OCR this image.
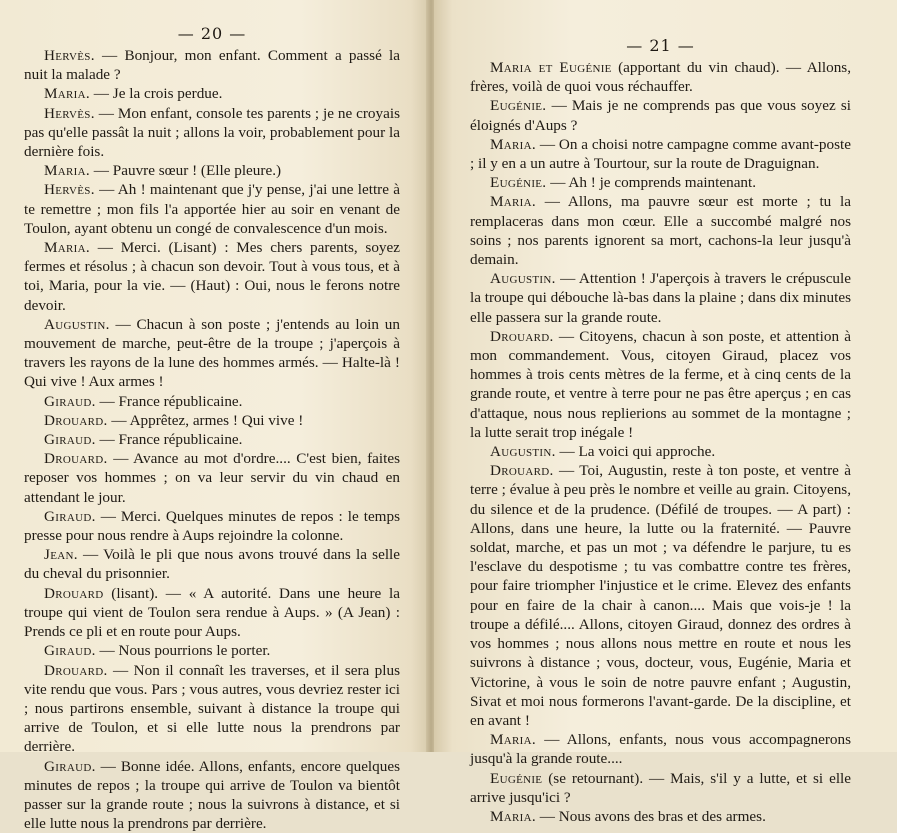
— 20 —

Hervès. — Bonjour, mon enfant. Comment a passé la nuit la malade ?

Maria. — Je la crois perdue.

Hervès. — Mon enfant, console tes parents ; je ne croyais pas qu'elle passât la nuit ; allons la voir, probablement pour la dernière fois.

Maria. — Pauvre sœur ! (Elle pleure.)

Hervès. — Ah ! maintenant que j'y pense, j'ai une lettre à te remettre ; mon fils l'a apportée hier au soir en venant de Toulon, ayant obtenu un congé de convalescence d'un mois.

Maria. — Merci. (Lisant) : Mes chers parents, soyez fermes et résolus ; à chacun son devoir. Tout à vous tous, et à toi, Maria, pour la vie. — (Haut) : Oui, nous le ferons notre devoir.

Augustin. — Chacun à son poste ; j'entends au loin un mouvement de marche, peut-être de la troupe ; j'aperçois à travers les rayons de la lune des hommes armés. — Halte-là ! Qui vive ! Aux armes !

Giraud. — France républicaine.

Drouard. — Apprêtez, armes ! Qui vive !

Giraud. — France républicaine.

Drouard. — Avance au mot d'ordre.... C'est bien, faites reposer vos hommes ; on va leur servir du vin chaud en attendant le jour.

Giraud. — Merci. Quelques minutes de repos : le temps presse pour nous rendre à Aups rejoindre la colonne.

Jean. — Voilà le pli que nous avons trouvé dans la selle du cheval du prisonnier.

Drouard (lisant). — « A autorité. Dans une heure la troupe qui vient de Toulon sera rendue à Aups. » (A Jean) : Prends ce pli et en route pour Aups.

Giraud. — Nous pourrions le porter.

Drouard. — Non il connaît les traverses, et il sera plus vite rendu que vous. Pars ; vous autres, vous devriez rester ici ; nous partirons ensemble, suivant à distance la troupe qui arrive de Toulon, et si elle lutte nous la prendrons par derrière.

Giraud. — Bonne idée. Allons, enfants, encore quelques minutes de repos ; la troupe qui arrive de Toulon va bientôt passer sur la grande route ; nous la suivrons à distance, et si elle lutte nous la prendrons par derrière.

— 21 —

Maria et Eugénie (apportant du vin chaud). — Allons, frères, voilà de quoi vous réchauffer.

Eugénie. — Mais je ne comprends pas que vous soyez si éloignés d'Aups ?

Maria. — On a choisi notre campagne comme avant-poste ; il y en a un autre à Tourtour, sur la route de Draguignan.

Eugénie. — Ah ! je comprends maintenant.

Maria. — Allons, ma pauvre sœur est morte ; tu la remplaceras dans mon cœur. Elle a succombé malgré nos soins ; nos parents ignorent sa mort, cachons-la leur jusqu'à demain.

Augustin. — Attention ! J'aperçois à travers le crépuscule la troupe qui débouche là-bas dans la plaine ; dans dix minutes elle passera sur la grande route.

Drouard. — Citoyens, chacun à son poste, et attention à mon commandement. Vous, citoyen Giraud, placez vos hommes à trois cents mètres de la ferme, et à cinq cents de la grande route, et ventre à terre pour ne pas être aperçus ; en cas d'attaque, nous nous replierions au sommet de la montagne ; la lutte serait trop inégale !

Augustin. — La voici qui approche.

Drouard. — Toi, Augustin, reste à ton poste, et ventre à terre ; évalue à peu près le nombre et veille au grain. Citoyens, du silence et de la prudence. (Défilé de troupes. — A part) : Allons, dans une heure, la lutte ou la fraternité. — Pauvre soldat, marche, et pas un mot ; va défendre le parjure, tu es l'esclave du despotisme ; tu vas combattre contre tes frères, pour faire triompher l'injustice et le crime. Elevez des enfants pour en faire de la chair à canon.... Mais que vois-je ! la troupe a défilé.... Allons, citoyen Giraud, donnez des ordres à vos hommes ; nous allons nous mettre en route et nous les suivrons à distance ; vous, docteur, vous, Eugénie, Maria et Victorine, à vous le soin de notre pauvre enfant ; Augustin, Sivat et moi nous formerons l'avant-garde. De la discipline, et en avant !

Maria. — Allons, enfants, nous vous accompagnerons jusqu'à la grande route....

Eugénie (se retournant). — Mais, s'il y a lutte, et si elle arrive jusqu'ici ?

Maria. — Nous avons des bras et des armes.
